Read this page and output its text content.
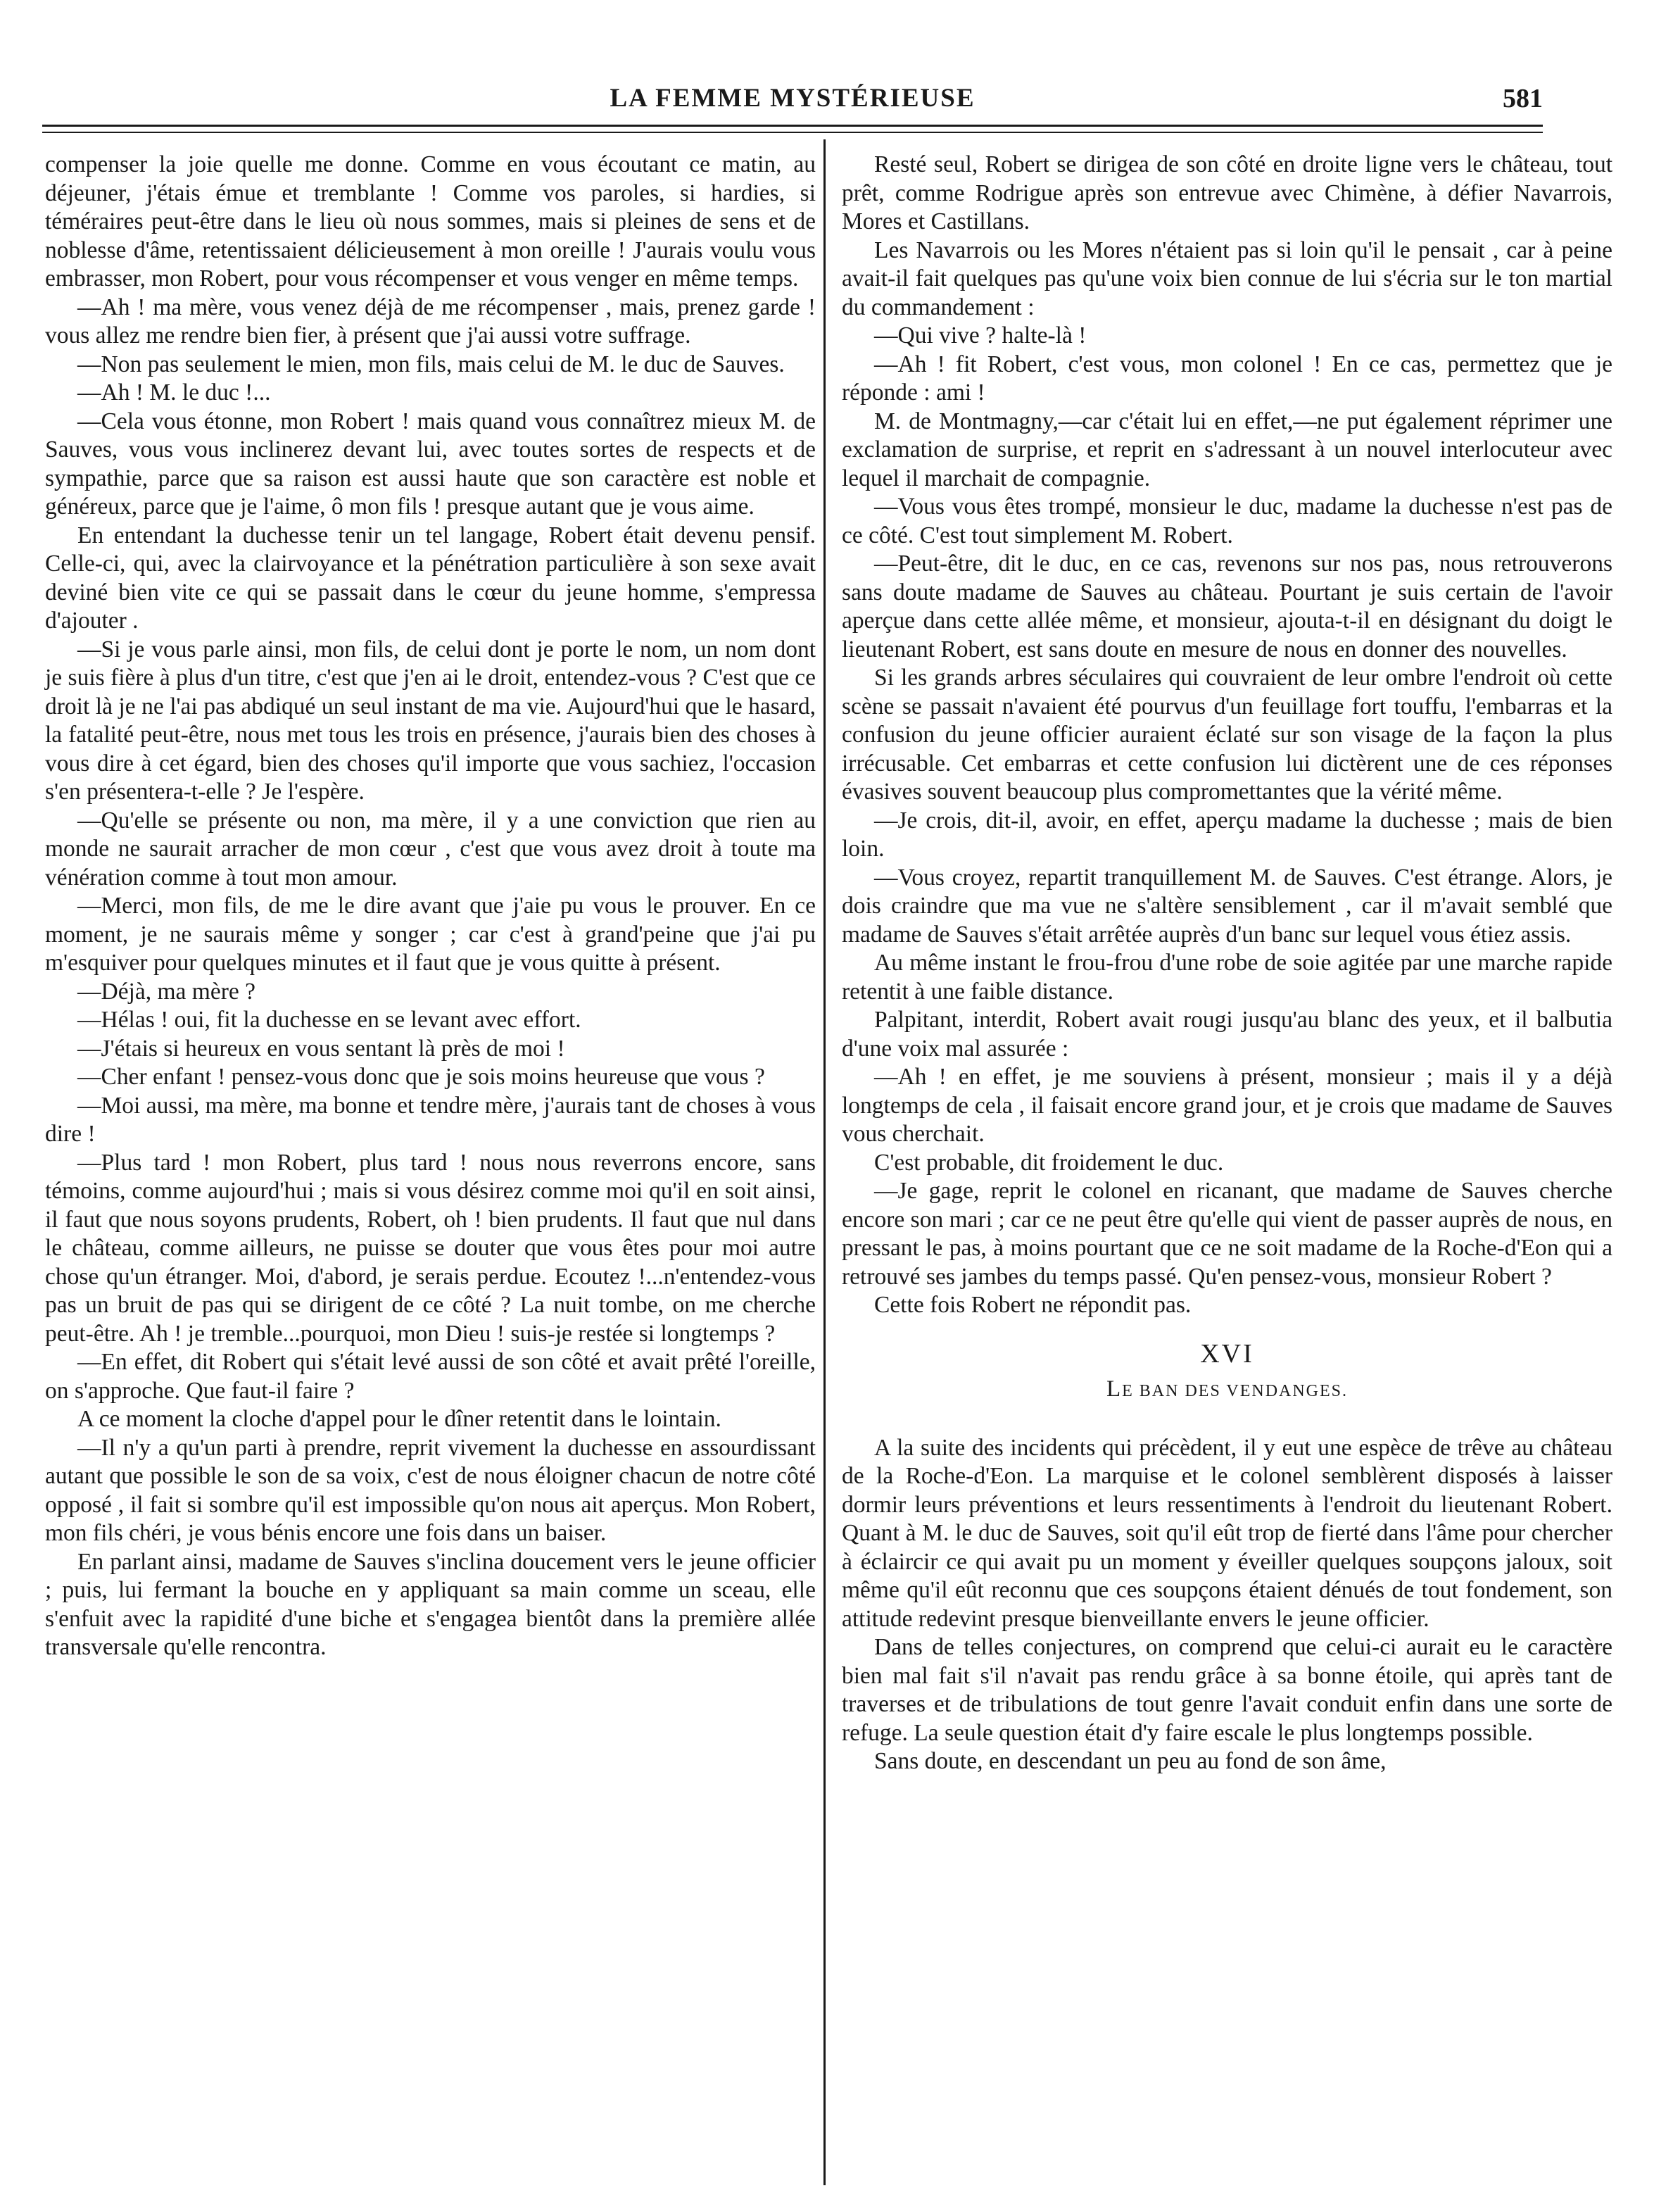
LA FEMME MYSTÉRIEUSE	581

compenser la joie quelle me donne. Comme en vous écoutant ce matin, au déjeuner, j'étais émue et tremblante ! Comme vos paroles, si hardies, si téméraires peut-être dans le lieu où nous sommes, mais si pleines de sens et de noblesse d'âme, retentissaient délicieusement à mon oreille ! J'aurais voulu vous embrasser, mon Robert, pour vous récompenser et vous venger en même temps.

—Ah ! ma mère, vous venez déjà de me récompenser , mais, prenez garde ! vous allez me rendre bien fier, à présent que j'ai aussi votre suffrage.

—Non pas seulement le mien, mon fils, mais celui de M. le duc de Sauves.

—Ah ! M. le duc !...

—Cela vous étonne, mon Robert ! mais quand vous connaîtrez mieux M. de Sauves, vous vous inclinerez devant lui, avec toutes sortes de respects et de sympathie, parce que sa raison est aussi haute que son caractère est noble et généreux, parce que je l'aime, ô mon fils ! presque autant que je vous aime.

En entendant la duchesse tenir un tel langage, Robert était devenu pensif. Celle-ci, qui, avec la clairvoyance et la pénétration particulière à son sexe avait deviné bien vite ce qui se passait dans le cœur du jeune homme, s'empressa d'ajouter .

—Si je vous parle ainsi, mon fils, de celui dont je porte le nom, un nom dont je suis fière à plus d'un titre, c'est que j'en ai le droit, entendez-vous ? C'est que ce droit là je ne l'ai pas abdiqué un seul instant de ma vie. Aujourd'hui que le hasard, la fatalité peut-être, nous met tous les trois en présence, j'aurais bien des choses à vous dire à cet égard, bien des choses qu'il importe que vous sachiez, l'occasion s'en présentera-t-elle ? Je l'espère.

—Qu'elle se présente ou non, ma mère, il y a une conviction que rien au monde ne saurait arracher de mon cœur , c'est que vous avez droit à toute ma vénération comme à tout mon amour.

—Merci, mon fils, de me le dire avant que j'aie pu vous le prouver. En ce moment, je ne saurais même y songer ; car c'est à grand'peine que j'ai pu m'esquiver pour quelques minutes et il faut que je vous quitte à présent.

—Déjà, ma mère ?

—Hélas ! oui, fit la duchesse en se levant avec effort.

—J'étais si heureux en vous sentant là près de moi !

—Cher enfant ! pensez-vous donc que je sois moins heureuse que vous ?

—Moi aussi, ma mère, ma bonne et tendre mère, j'aurais tant de choses à vous dire !

—Plus tard ! mon Robert, plus tard ! nous nous reverrons encore, sans témoins, comme aujourd'hui ; mais si vous désirez comme moi qu'il en soit ainsi, il faut que nous soyons prudents, Robert, oh ! bien prudents. Il faut que nul dans le château, comme ailleurs, ne puisse se douter que vous êtes pour moi autre chose qu'un étranger. Moi, d'abord, je serais perdue. Ecoutez !...n'entendez-vous pas un bruit de pas qui se dirigent de ce côté ? La nuit tombe, on me cherche peut-être. Ah ! je tremble...pourquoi, mon Dieu ! suis-je restée si longtemps ?

—En effet, dit Robert qui s'était levé aussi de son côté et avait prêté l'oreille, on s'approche. Que faut-il faire ?

A ce moment la cloche d'appel pour le dîner retentit dans le lointain.

—Il n'y a qu'un parti à prendre, reprit vivement la duchesse en assourdissant autant que possible le son de sa voix, c'est de nous éloigner chacun de notre côté opposé , il fait si sombre qu'il est impossible qu'on nous ait aperçus. Mon Robert, mon fils chéri, je vous bénis encore une fois dans un baiser.

En parlant ainsi, madame de Sauves s'inclina doucement vers le jeune officier ; puis, lui fermant la bouche en y appliquant sa main comme un sceau, elle s'enfuit avec la rapidité d'une biche et s'engagea bientôt dans la première allée transversale qu'elle rencontra.

Resté seul, Robert se dirigea de son côté en droite ligne vers le château, tout prêt, comme Rodrigue après son entrevue avec Chimène, à défier Navarrois, Mores et Castillans.

Les Navarrois ou les Mores n'étaient pas si loin qu'il le pensait , car à peine avait-il fait quelques pas qu'une voix bien connue de lui s'écria sur le ton martial du commandement :

—Qui vive ? halte-là !

—Ah ! fit Robert, c'est vous, mon colonel ! En ce cas, permettez que je réponde : ami !

M. de Montmagny,—car c'était lui en effet,—ne put également réprimer une exclamation de surprise, et reprit en s'adressant à un nouvel interlocuteur avec lequel il marchait de compagnie.

—Vous vous êtes trompé, monsieur le duc, madame la duchesse n'est pas de ce côté. C'est tout simplement M. Robert.

—Peut-être, dit le duc, en ce cas, revenons sur nos pas, nous retrouverons sans doute madame de Sauves au château. Pourtant je suis certain de l'avoir aperçue dans cette allée même, et monsieur, ajouta-t-il en désignant du doigt le lieutenant Robert, est sans doute en mesure de nous en donner des nouvelles.

Si les grands arbres séculaires qui couvraient de leur ombre l'endroit où cette scène se passait n'avaient été pourvus d'un feuillage fort touffu, l'embarras et la confusion du jeune officier auraient éclaté sur son visage de la façon la plus irrécusable. Cet embarras et cette confusion lui dictèrent une de ces réponses évasives souvent beaucoup plus compromettantes que la vérité même.

—Je crois, dit-il, avoir, en effet, aperçu madame la duchesse ; mais de bien loin.

—Vous croyez, repartit tranquillement M. de Sauves. C'est étrange. Alors, je dois craindre que ma vue ne s'altère sensiblement , car il m'avait semblé que madame de Sauves s'était arrêtée auprès d'un banc sur lequel vous étiez assis.

Au même instant le frou-frou d'une robe de soie agitée par une marche rapide retentit à une faible distance.

Palpitant, interdit, Robert avait rougi jusqu'au blanc des yeux, et il balbutia d'une voix mal assurée :

—Ah ! en effet, je me souviens à présent, monsieur ; mais il y a déjà longtemps de cela , il faisait encore grand jour, et je crois que madame de Sauves vous cherchait.

C'est probable, dit froidement le duc.

—Je gage, reprit le colonel en ricanant, que madame de Sauves cherche encore son mari ; car ce ne peut être qu'elle qui vient de passer auprès de nous, en pressant le pas, à moins pourtant que ce ne soit madame de la Roche-d'Eon qui a retrouvé ses jambes du temps passé. Qu'en pensez-vous, monsieur Robert ?

Cette fois Robert ne répondit pas.

XVI
LE BAN DES VENDANGES.

A la suite des incidents qui précèdent, il y eut une espèce de trêve au château de la Roche-d'Eon. La marquise et le colonel semblèrent disposés à laisser dormir leurs préventions et leurs ressentiments à l'endroit du lieutenant Robert. Quant à M. le duc de Sauves, soit qu'il eût trop de fierté dans l'âme pour chercher à éclaircir ce qui avait pu un moment y éveiller quelques soupçons jaloux, soit même qu'il eût reconnu que ces soupçons étaient dénués de tout fondement, son attitude redevint presque bienveillante envers le jeune officier.

Dans de telles conjectures, on comprend que celui-ci aurait eu le caractère bien mal fait s'il n'avait pas rendu grâce à sa bonne étoile, qui après tant de traverses et de tribulations de tout genre l'avait conduit enfin dans une sorte de refuge. La seule question était d'y faire escale le plus longtemps possible.

Sans doute, en descendant un peu au fond de son âme,
